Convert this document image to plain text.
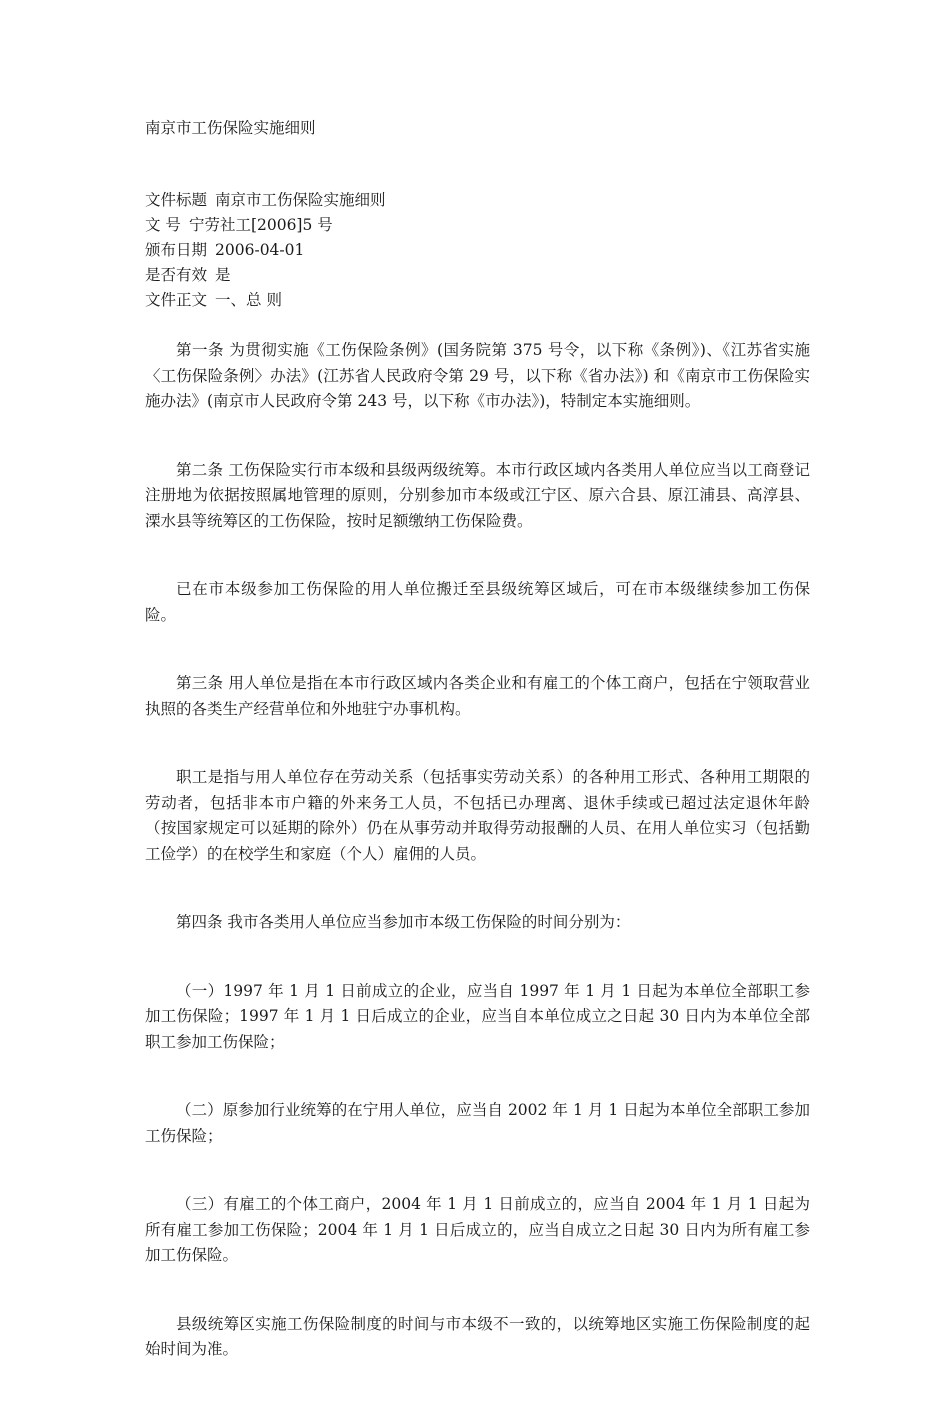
南京市工伤保险实施细则
文件标题 南京市工伤保险实施细则
文 号 宁劳社工[2006]5 号
颁布日期 2006-04-01
是否有效 是
文件正文 一、总 则

第一条 为贯彻实施《工伤保险条例》(国务院第 375 号令，以下称《条例》)、《江苏省实施〈工伤保险条例〉办法》(江苏省人民政府令第 29 号，以下称《省办法》) 和《南京市工伤保险实施办法》(南京市人民政府令第 243 号，以下称《市办法》)，特制定本实施细则。

第二条 工伤保险实行市本级和县级两级统筹。本市行政区域内各类用人单位应当以工商登记注册地为依据按照属地管理的原则，分别参加市本级或江宁区、原六合县、原江浦县、高淳县、溧水县等统筹区的工伤保险，按时足额缴纳工伤保险费。

已在市本级参加工伤保险的用人单位搬迁至县级统筹区域后，可在市本级继续参加工伤保险。

第三条 用人单位是指在本市行政区域内各类企业和有雇工的个体工商户，包括在宁领取营业执照的各类生产经营单位和外地驻宁办事机构。

职工是指与用人单位存在劳动关系（包括事实劳动关系）的各种用工形式、各种用工期限的劳动者，包括非本市户籍的外来务工人员，不包括已办理离、退休手续或已超过法定退休年龄（按国家规定可以延期的除外）仍在从事劳动并取得劳动报酬的人员、在用人单位实习（包括勤工俭学）的在校学生和家庭（个人）雇佣的人员。

第四条 我市各类用人单位应当参加市本级工伤保险的时间分别为：

（一）1997 年 1 月 1 日前成立的企业，应当自 1997 年 1 月 1 日起为本单位全部职工参加工伤保险；1997 年 1 月 1 日后成立的企业，应当自本单位成立之日起 30 日内为本单位全部职工参加工伤保险；

（二）原参加行业统筹的在宁用人单位，应当自 2002 年 1 月 1 日起为本单位全部职工参加工伤保险；

（三）有雇工的个体工商户，2004 年 1 月 1 日前成立的，应当自 2004 年 1 月 1 日起为所有雇工参加工伤保险；2004 年 1 月 1 日后成立的，应当自成立之日起 30 日内为所有雇工参加工伤保险。

县级统筹区实施工伤保险制度的时间与市本级不一致的，以统筹地区实施工伤保险制度的起始时间为准。
